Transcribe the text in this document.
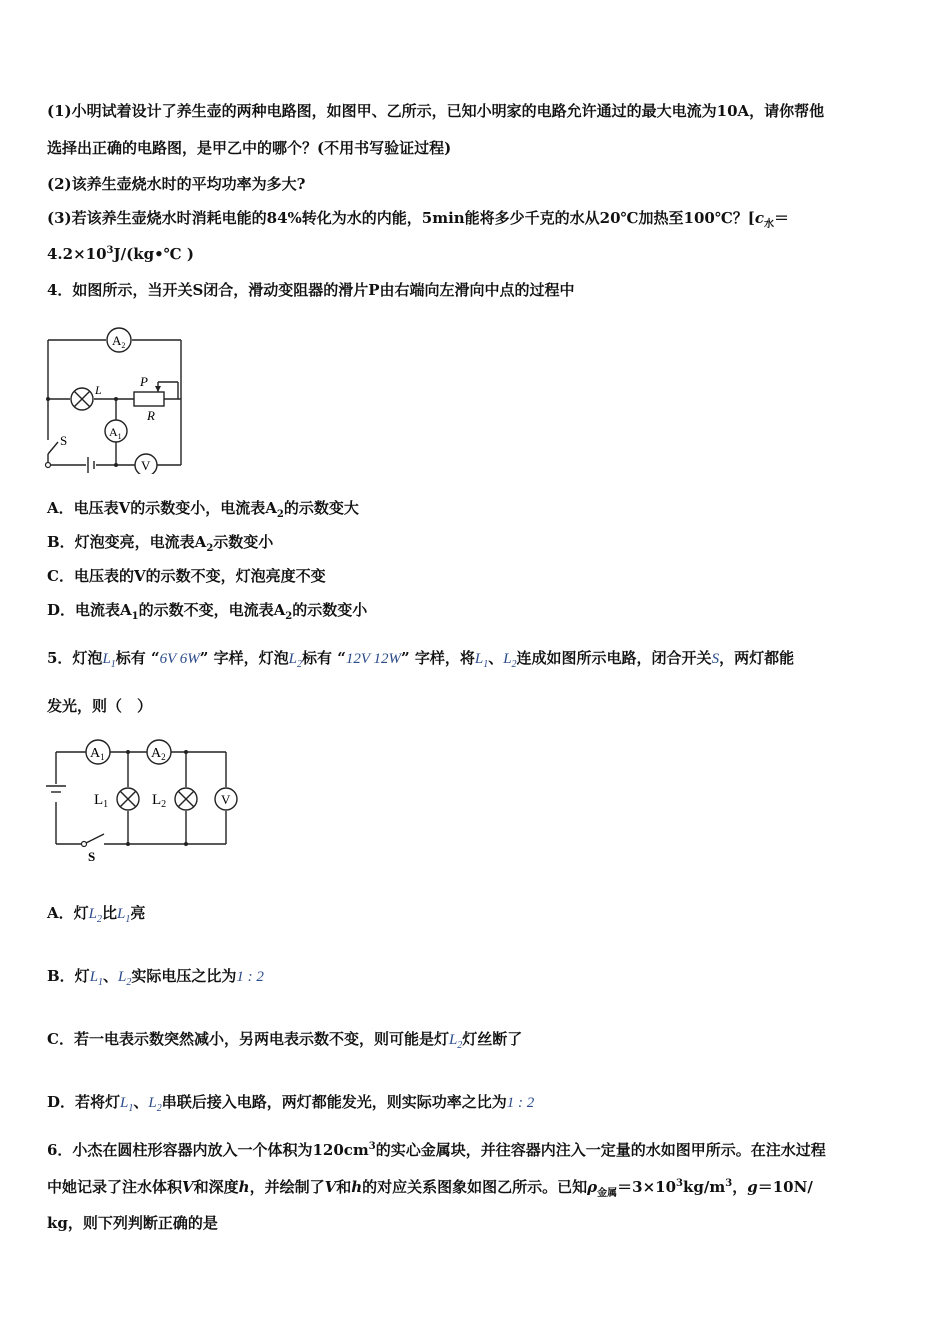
(1)小明试着设计了养生壶的两种电路图，如图甲、乙所示，已知小明家的电路允许通过的最大电流为10A，请你帮他
选择出正确的电路图，是甲乙中的哪个？(不用书写验证过程)
(2)该养生壶烧水时的平均功率为多大?
(3)若该养生壶烧水时消耗电能的84%转化为水的内能，5min能将多少千克的水从20℃加热至100℃？[$c_水=$
$4.2\times 10^3J/(kg•℃$ )
4．如图所示，当开关S闭合，滑动变阻器的滑片P由右端向左滑向中点的过程中
$A_2$
L
P
R
$A_1$
S
V
A．电压表V的示数变小，电流表$A_2$的示数变大
B．灯泡变亮，电流表$A_2$示数变小
C．电压表的V的示数不变，灯泡亮度不变
D．电流表$A_1$的示数不变，电流表$A_2$的示数变小
5．灯泡$L_1$标有 “6V 6W” 字样，灯泡$L_2$标有 “12V 12W” 字样，将$L_1$、$L_2$连成如图所示电路，闭合开关S，两灯都能
发光，则（　）
$A_1$	$A_2$
$L_1$	$L_2$	V
S
A．灯$L_2$比$L_1$亮
B．灯$L_1$、$L_2$实际电压之比为1 : 2
C．若一电表示数突然减小，另两电表示数不变，则可能是灯$L_2$灯丝断了
D．若将灯$L_1$、$L_2$串联后接入电路，两灯都能发光，则实际功率之比为1 : 2
6．小杰在圆柱形容器内放入一个体积为$120cm^3$的实心金属块，并往容器内注入一定量的水如图甲所示。在注水过程
中她记录了注水体积V和深度h，并绘制了V和h的对应关系图象如图乙所示。已知$\rho_{金属}=3\times 10^3kg/m^3$，g＝10N/
kg，则下列判断正确的是
